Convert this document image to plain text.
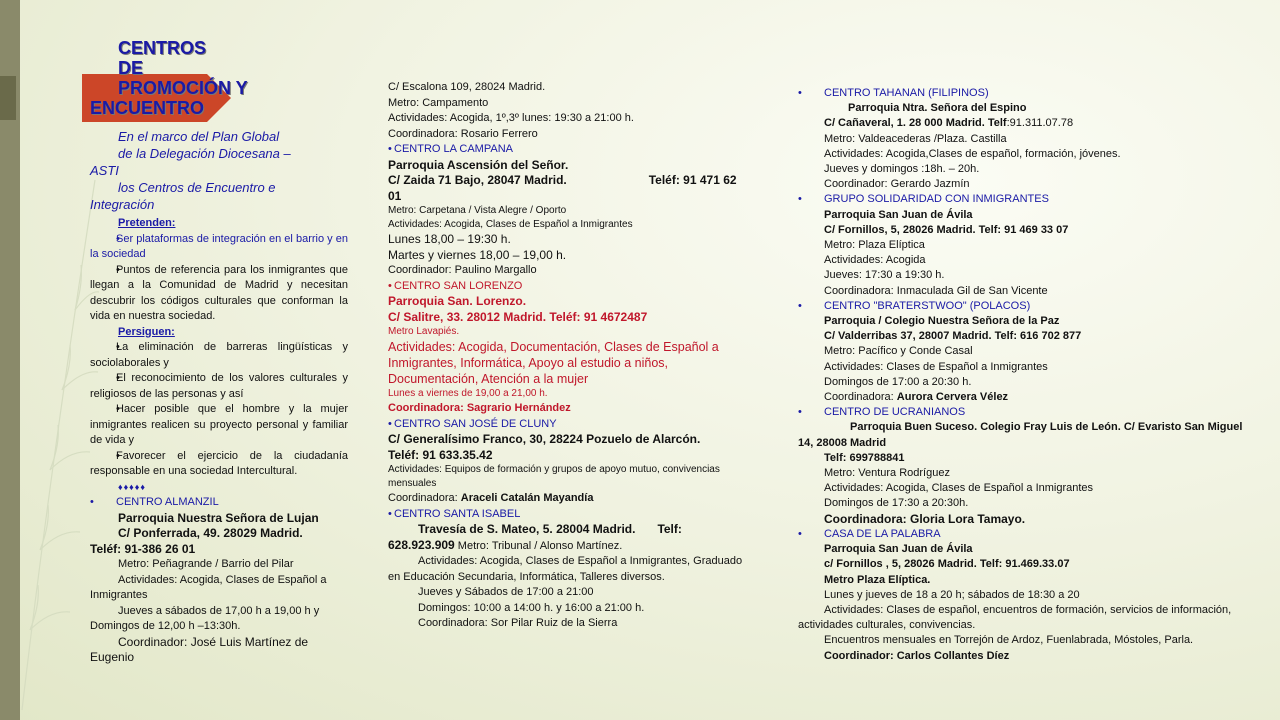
CENTROS
DE
PROMOCIÓN Y
ENCUENTRO
En el marco del Plan Global
de la Delegación Diocesana –
ASTI
los Centros de Encuentro e
Integración
Pretenden:
• Ser plataformas de integración en el barrio y en la sociedad
• Puntos de referencia para los inmigrantes que llegan a la Comunidad de Madrid y necesitan descubrir los códigos culturales que conforman la vida en nuestra sociedad.
Persiguen:
• La eliminación de barreras lingüísticas y sociolaborales y
• El reconocimiento de los valores culturales y religiosos de las personas y así
• Hacer posible que el hombre y la mujer inmigrantes realicen su proyecto personal y familiar de vida y
• Favorecer el ejercicio de la ciudadanía responsable en una sociedad Intercultural.
♦♦♦♦♦
• CENTRO ALMANZIL
Parroquia Nuestra Señora de Lujan
C/ Ponferrada, 49. 28029 Madrid.
Teléf: 91-386 26 01
Metro: Peñagrande / Barrio del Pilar
Actividades: Acogida, Clases de Español a Inmigrantes
Jueves a sábados de 17,00 h a 19,00 h y Domingos de 12,00 h –13:30h.
Coordinador: José Luis Martínez de Eugenio
C/ Escalona 109, 28024 Madrid.
Metro: Campamento
Actividades: Acogida, 1º,3º lunes: 19:30 a 21:00 h.
Coordinadora: Rosario Ferrero
• CENTRO LA CAMPANA
Parroquia Ascensión del Señor.
C/ Zaida 71 Bajo, 28047 Madrid.	Teléf: 91 471 62 01
Metro: Carpetana / Vista Alegre / Oporto
Actividades: Acogida, Clases de Español a Inmigrantes
Lunes 18,00 – 19:30 h.
Martes y viernes 18,00 – 19,00 h.
Coordinador: Paulino Margallo
• CENTRO SAN LORENZO
Parroquia San. Lorenzo.
C/ Salitre, 33. 28012 Madrid. Teléf: 91 4672487
Metro Lavapiés.
Actividades: Acogida, Documentación, Clases de Español a Inmigrantes, Informática, Apoyo al estudio a niños, Documentación, Atención a la mujer
Lunes a viernes de 19,00 a 21,00 h.
Coordinadora: Sagrario Hernández
• CENTRO SAN JOSÉ DE CLUNY
C/ Generalísimo Franco, 30, 28224 Pozuelo de Alarcón.
Teléf: 91 633.35.42
Actividades: Equipos de formación y grupos de apoyo mutuo, convivencias mensuales
Coordinadora: Araceli Catalán Mayandía
• CENTRO SANTA ISABEL
Travesía de S. Mateo, 5. 28004 Madrid. Telf:
628.923.909 Metro: Tribunal / Alonso Martínez.
Actividades: Acogida, Clases de Español a Inmigrantes, Graduado en Educación Secundaria, Informática, Talleres diversos.
Jueves y Sábados de 17:00 a 21:00
Domingos: 10:00 a 14:00 h. y 16:00 a 21:00 h.
Coordinadora: Sor Pilar Ruiz de la Sierra
• CENTRO TAHANAN (FILIPINOS)
Parroquia Ntra. Señora del Espino
C/ Cañaveral, 1. 28 000 Madrid. Telf:91.311.07.78
Metro: Valdeacederas /Plaza. Castilla
Actividades: Acogida,Clases de español, formación, jóvenes.
Jueves y domingos :18h. – 20h.
Coordinador: Gerardo Jazmín
• GRUPO SOLIDARIDAD CON INMIGRANTES
Parroquia San Juan de Ávila
C/ Fornillos, 5, 28026 Madrid. Telf: 91 469 33 07
Metro: Plaza Elíptica
Actividades: Acogida
Jueves: 17:30 a 19:30 h.
Coordinadora: Inmaculada Gil de San Vicente
• CENTRO "BRATERSTWOO" (POLACOS)
Parroquia / Colegio Nuestra Señora de la Paz
C/ Valderribas 37, 28007 Madrid. Telf: 616 702 877
Metro: Pacífico y Conde Casal
Actividades: Clases de Español a Inmigrantes
Domingos de 17:00 a 20:30 h.
Coordinadora: Aurora Cervera Vélez
• CENTRO DE UCRANIANOS
Parroquia Buen Suceso. Colegio Fray Luis de León. C/ Evaristo San Miguel 14, 28008 Madrid
Telf: 699788841
Metro: Ventura Rodríguez
Actividades: Acogida, Clases de Español a Inmigrantes
Domingos de 17:30 a 20:30h.
Coordinadora: Gloria Lora Tamayo.
• CASA DE LA PALABRA
Parroquia San Juan de Ávila
c/ Fornillos , 5, 28026 Madrid. Telf: 91.469.33.07
Metro Plaza Elíptica.
Lunes y jueves de 18 a 20 h; sábados de 18:30 a 20
Actividades: Clases de español, encuentros de formación, servicios de información, actividades culturales, convivencias.
Encuentros mensuales en Torrejón de Ardoz, Fuenlabrada, Móstoles, Parla.
Coordinador: Carlos Collantes Díez
